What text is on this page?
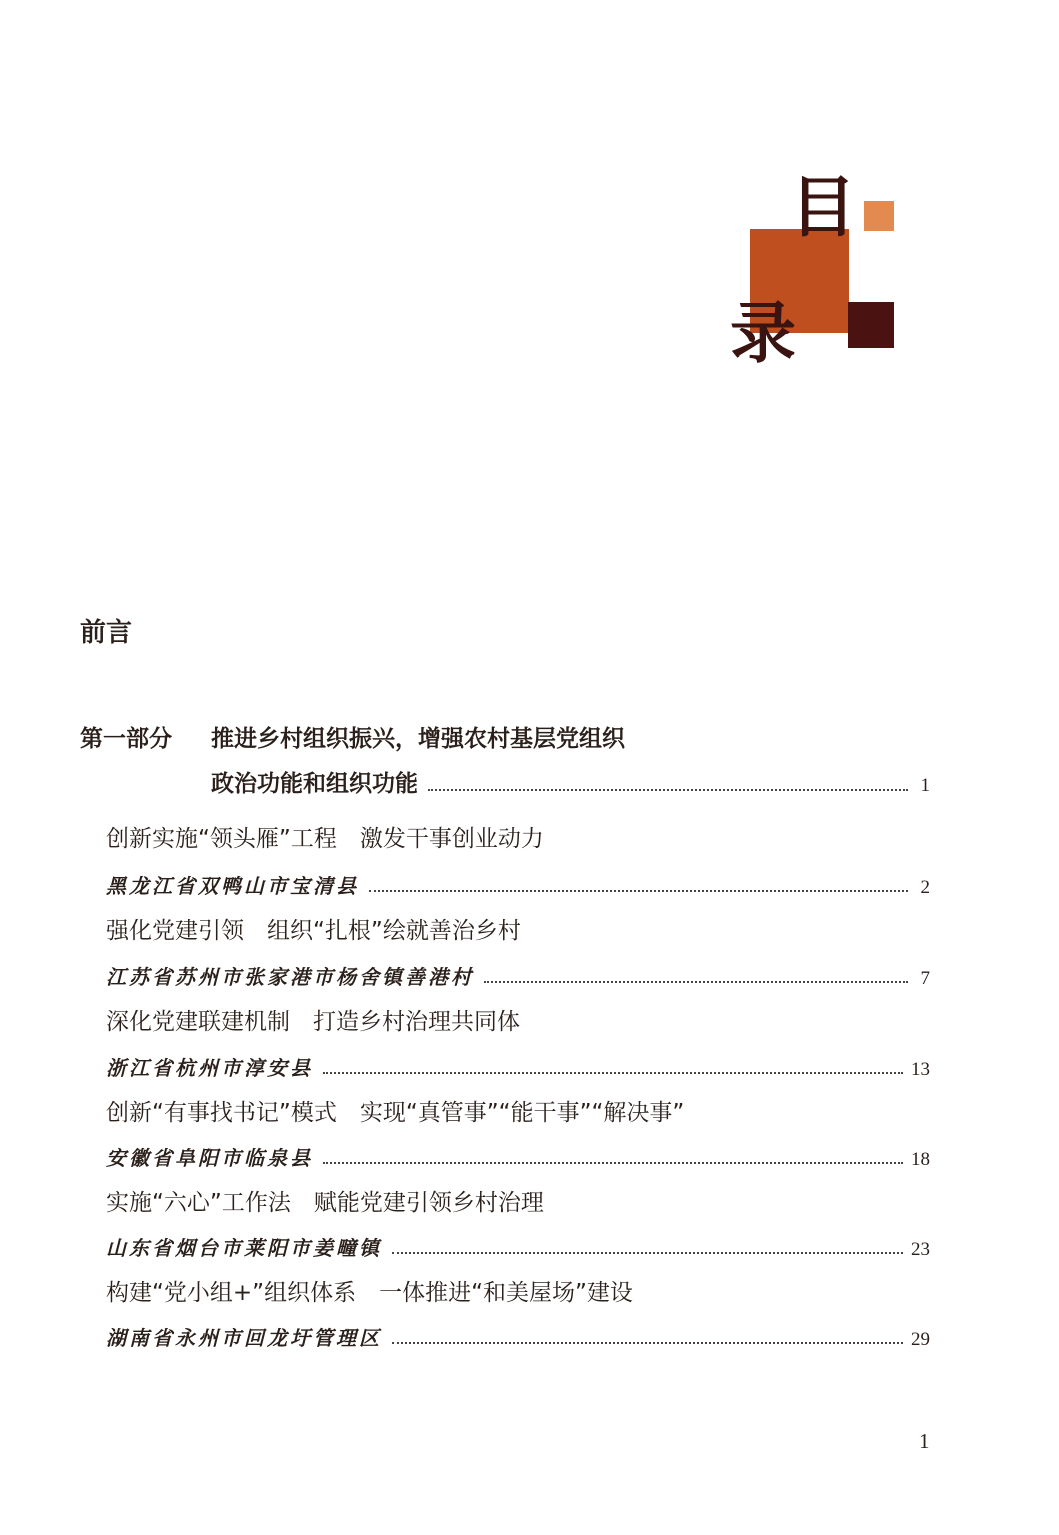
目
录
前言
第一部分 推进乡村组织振兴，增强农村基层党组织
政治功能和组织功能	1
创新实施“领头雁”工程　激发干事创业动力
黑龙江省双鸭山市宝清县	2
强化党建引领　组织“扎根”绘就善治乡村
江苏省苏州市张家港市杨舍镇善港村	7
深化党建联建机制　打造乡村治理共同体
浙江省杭州市淳安县	13
创新“有事找书记”模式　实现“真管事”“能干事”“解决事”
安徽省阜阳市临泉县	18
实施“六心”工作法　赋能党建引领乡村治理
山东省烟台市莱阳市姜疃镇	23
构建“党小组+”组织体系　一体推进“和美屋场”建设
湖南省永州市回龙圩管理区	29
1
